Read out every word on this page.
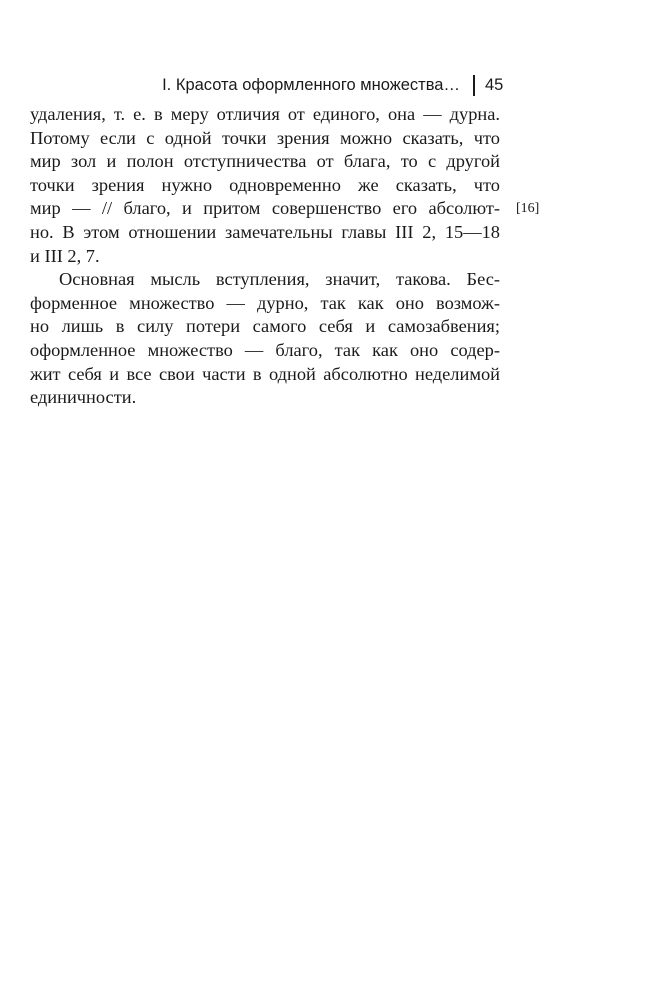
I. Красота оформленного множества… 45
удаления, т. е. в меру отличия от единого, она — дурна.
Потому если с одной точки зрения можно сказать, что
мир зол и полон отступничества от блага, то с другой
точки зрения нужно одновременно же сказать, что
мир — // благо, и притом совершенство его абсолют-
но. В этом отношении замечательны главы III 2, 15—18
и III 2, 7.
Основная мысль вступления, значит, такова. Бес-
форменное множество — дурно, так как оно возмож-
но лишь в силу потери самого себя и самозабвения;
оформленное множество — благо, так как оно содер-
жит себя и все свои части в одной абсолютно неделимой
единичности.
[16]
